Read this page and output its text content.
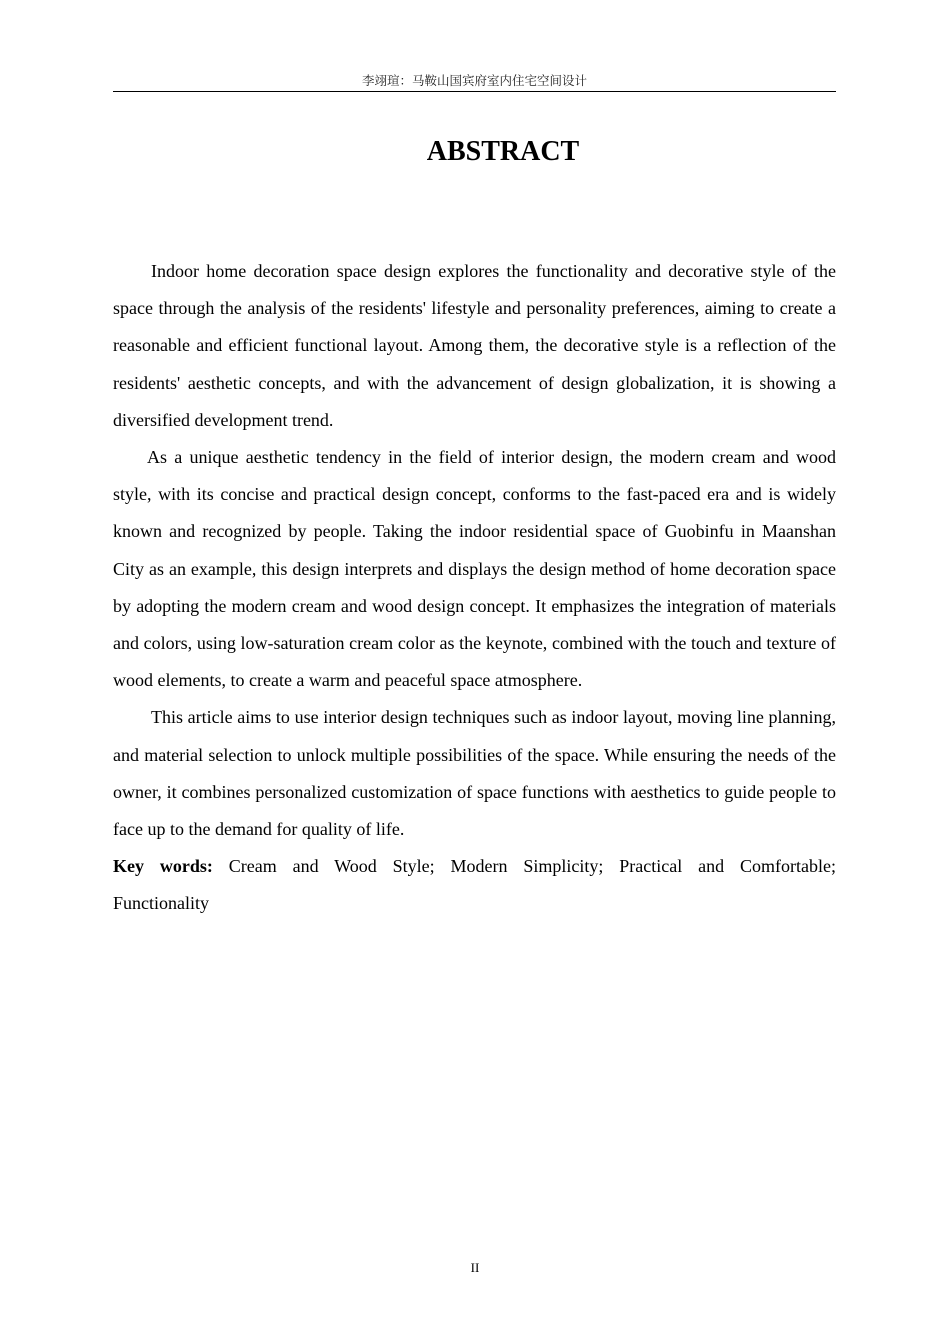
李翊瑄：马鞍山国宾府室内住宅空间设计
ABSTRACT

Indoor home decoration space design explores the functionality and decorative style of the space through the analysis of the residents' lifestyle and personality preferences, aiming to create a reasonable and efficient functional layout. Among them, the decorative style is a reflection of the residents' aesthetic concepts, and with the advancement of design globalization, it is showing a diversified development trend.

As a unique aesthetic tendency in the field of interior design, the modern cream and wood style, with its concise and practical design concept, conforms to the fast-paced era and is widely known and recognized by people. Taking the indoor residential space of Guobinfu in Maanshan City as an example, this design interprets and displays the design method of home decoration space by adopting the modern cream and wood design concept. It emphasizes the integration of materials and colors, using low-saturation cream color as the keynote, combined with the touch and texture of wood elements, to create a warm and peaceful space atmosphere.

This article aims to use interior design techniques such as indoor layout, moving line planning, and material selection to unlock multiple possibilities of the space. While ensuring the needs of the owner, it combines personalized customization of space functions with aesthetics to guide people to face up to the demand for quality of life.

Key words: Cream and Wood Style; Modern Simplicity; Practical and Comfortable; Functionality

II
